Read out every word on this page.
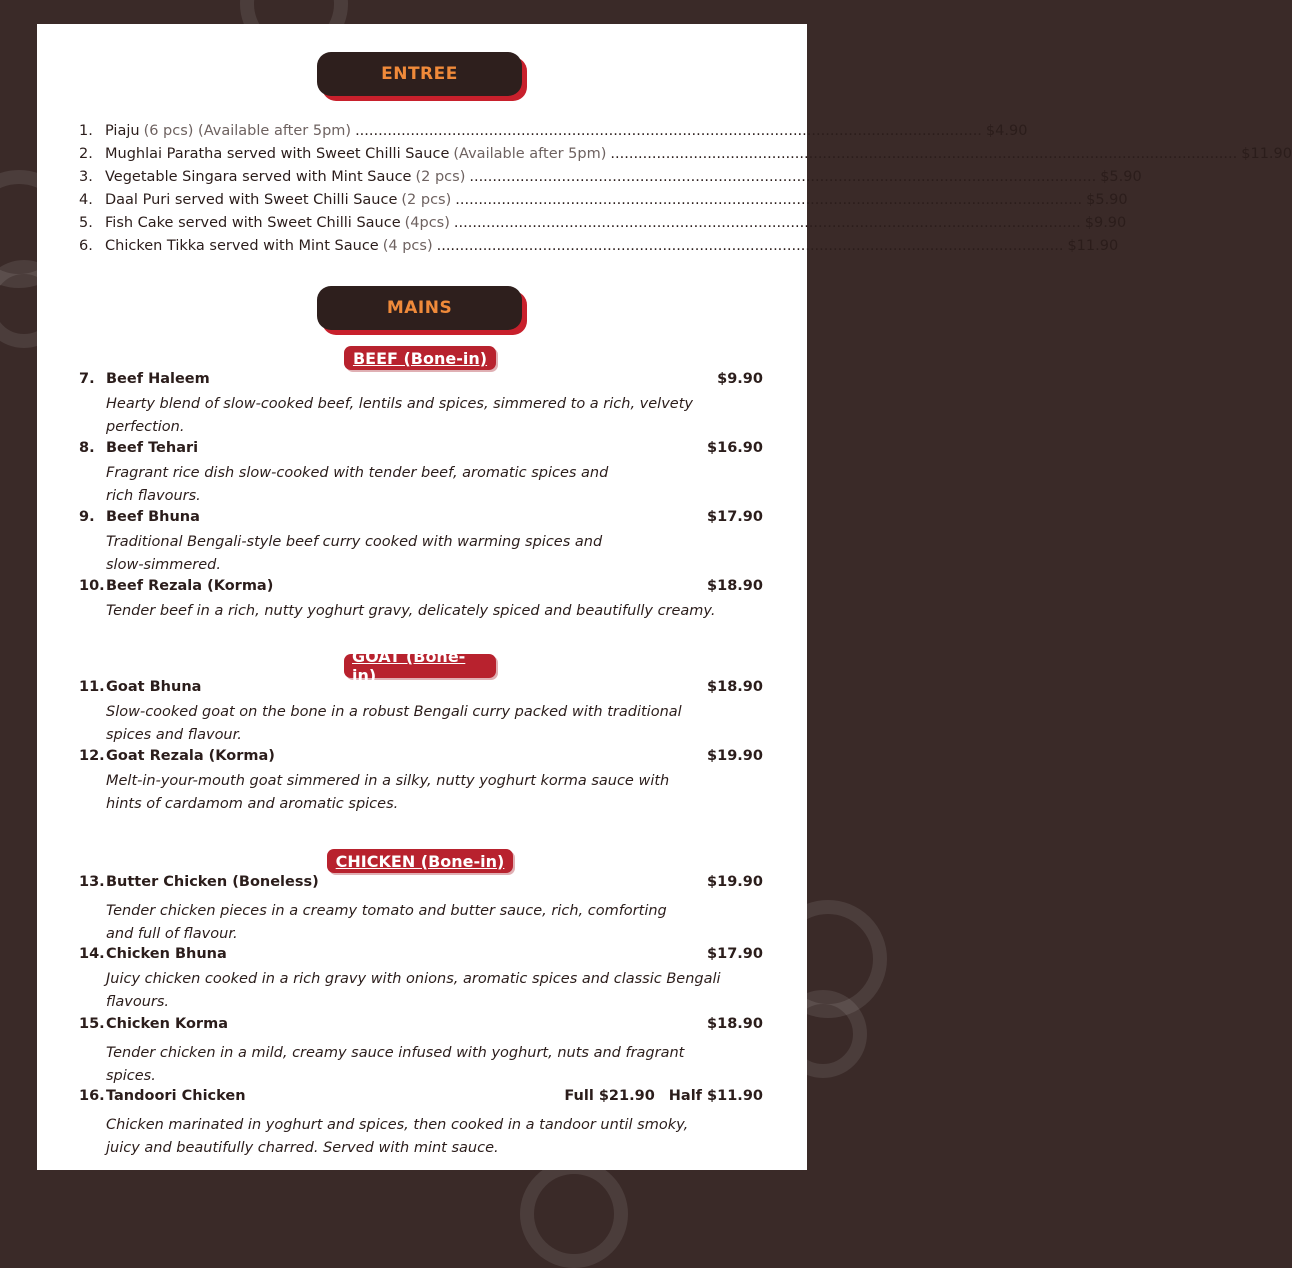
ENTREE
1. Piaju (6 pcs) (Available after 5pm) ........................................................................................................................................ $4.90
2. Mughlai Paratha served with Sweet Chilli Sauce (Available after 5pm) ........................................................................................................................................ $11.90
3. Vegetable Singara served with Mint Sauce (2 pcs) ........................................................................................................................................ $5.90
4. Daal Puri served with Sweet Chilli Sauce (2 pcs) ........................................................................................................................................ $5.90
5. Fish Cake served with Sweet Chilli Sauce (4pcs) ........................................................................................................................................ $9.90
6. Chicken Tikka served with Mint Sauce (4 pcs) ........................................................................................................................................ $11.90
MAINS
BEEF (Bone-in)
7. Beef Haleem	$9.90
Hearty blend of slow-cooked beef, lentils and spices, simmered to a rich, velvety
perfection.
8. Beef Tehari	$16.90
Fragrant rice dish slow-cooked with tender beef, aromatic spices and
rich flavours.
9. Beef Bhuna	$17.90
Traditional Bengali-style beef curry cooked with warming spices and
slow-simmered.
10. Beef Rezala (Korma)	$18.90
Tender beef in a rich, nutty yoghurt gravy, delicately spiced and beautifully creamy.
GOAT (Bone-in)
11. Goat Bhuna	$18.90
Slow-cooked goat on the bone in a robust Bengali curry packed with traditional
spices and flavour.
12. Goat Rezala (Korma)	$19.90
Melt-in-your-mouth goat simmered in a silky, nutty yoghurt korma sauce with
hints of cardamom and aromatic spices.
CHICKEN (Bone-in)
13. Butter Chicken (Boneless)	$19.90
Tender chicken pieces in a creamy tomato and butter sauce, rich, comforting
and full of flavour.
14. Chicken Bhuna	$17.90
Juicy chicken cooked in a rich gravy with onions, aromatic spices and classic Bengali
flavours.
15. Chicken Korma	$18.90
Tender chicken in a mild, creamy sauce infused with yoghurt, nuts and fragrant
spices.
16. Tandoori Chicken	Full $21.90 Half $11.90
Chicken marinated in yoghurt and spices, then cooked in a tandoor until smoky,
juicy and beautifully charred. Served with mint sauce.
